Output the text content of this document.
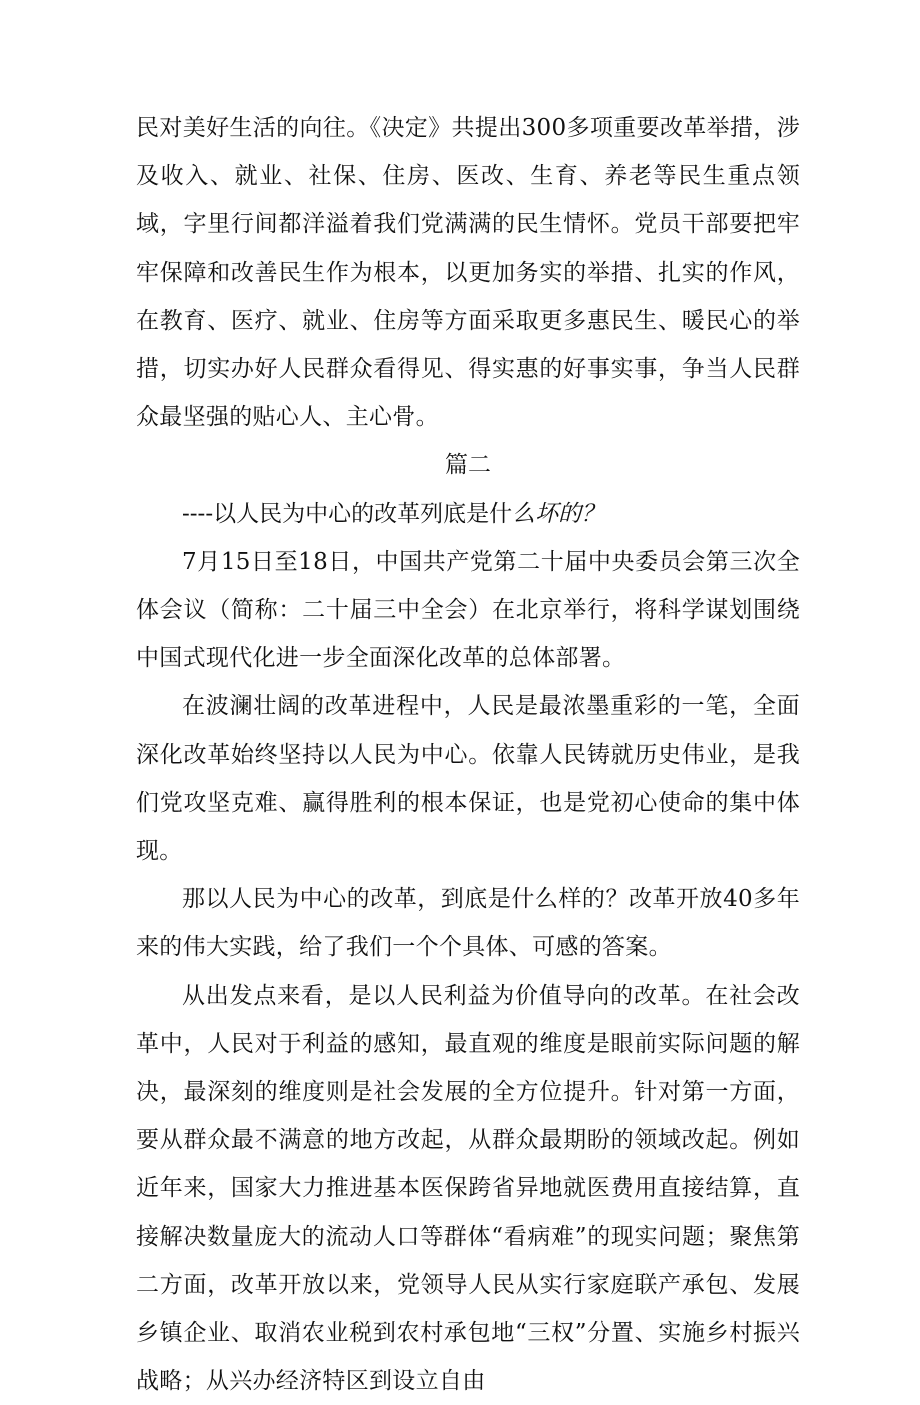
民对美好生活的向往。《决定》共提出300多项重要改革举措，涉及收入、就业、社保、住房、医改、生育、养老等民生重点领域，字里行间都洋溢着我们党满满的民生情怀。党员干部要把牢牢保障和改善民生作为根本，以更加务实的举措、扎实的作风，在教育、医疗、就业、住房等方面采取更多惠民生、暖民心的举措，切实办好人民群众看得见、得实惠的好事实事，争当人民群众最坚强的贴心人、主心骨。

篇二

----以人民为中心的改革列底是什么坏的？

7月15日至18日，中国共产党第二十届中央委员会第三次全体会议（简称：二十届三中全会）在北京举行，将科学谋划围绕中国式现代化进一步全面深化改革的总体部署。

在波澜壮阔的改革进程中，人民是最浓墨重彩的一笔，全面深化改革始终坚持以人民为中心。依靠人民铸就历史伟业，是我们党攻坚克难、赢得胜利的根本保证，也是党初心使命的集中体现。

那以人民为中心的改革，到底是什么样的？改革开放40多年来的伟大实践，给了我们一个个具体、可感的答案。

从出发点来看，是以人民利益为价值导向的改革。在社会改革中，人民对于利益的感知，最直观的维度是眼前实际问题的解决，最深刻的维度则是社会发展的全方位提升。针对第一方面，要从群众最不满意的地方改起，从群众最期盼的领域改起。例如近年来，国家大力推进基本医保跨省异地就医费用直接结算，直接解决数量庞大的流动人口等群体“看病难”的现实问题；聚焦第二方面，改革开放以来，党领导人民从实行家庭联产承包、发展乡镇企业、取消农业税到农村承包地“三权”分置、实施乡村振兴战略；从兴办经济特区到设立自由
